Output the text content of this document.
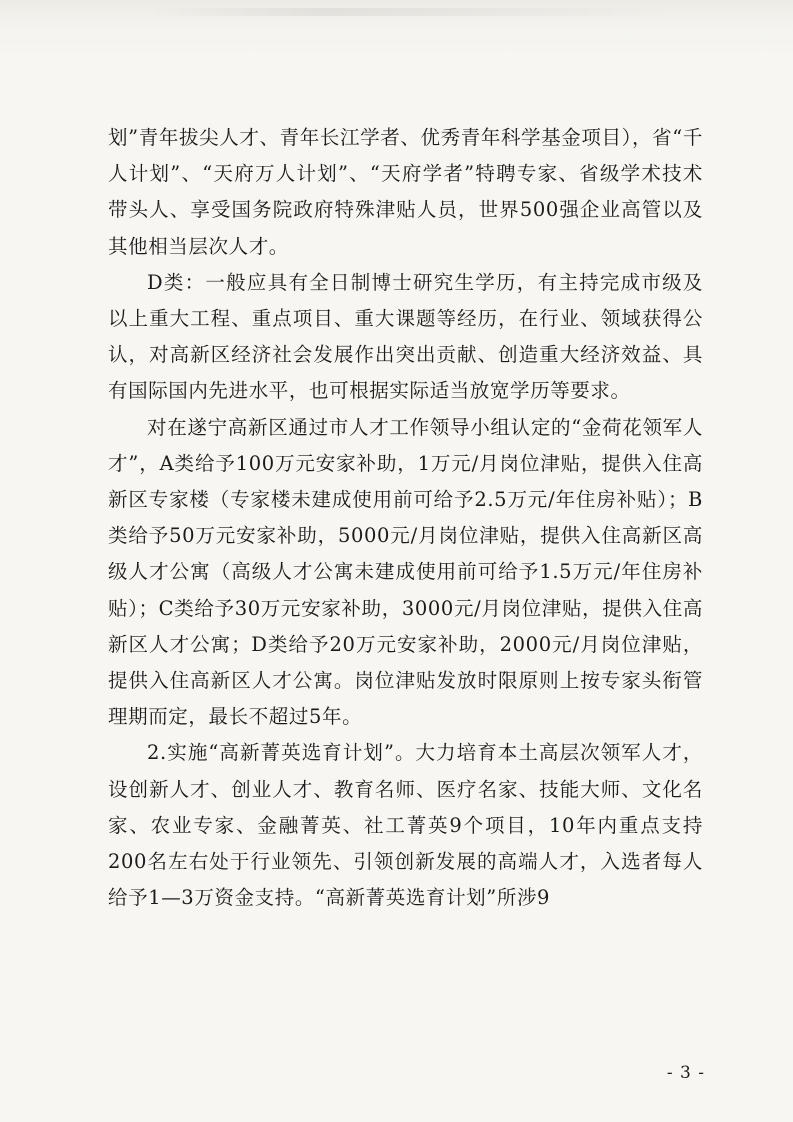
划”青年拔尖人才、青年长江学者、优秀青年科学基金项目），省“千人计划”、“天府万人计划”、“天府学者”特聘专家、省级学术技术带头人、享受国务院政府特殊津贴人员，世界500强企业高管以及其他相当层次人才。

D类：一般应具有全日制博士研究生学历，有主持完成市级及以上重大工程、重点项目、重大课题等经历，在行业、领域获得公认，对高新区经济社会发展作出突出贡献、创造重大经济效益、具有国际国内先进水平，也可根据实际适当放宽学历等要求。

对在遂宁高新区通过市人才工作领导小组认定的“金荷花领军人才”，A类给予100万元安家补助，1万元/月岗位津贴，提供入住高新区专家楼（专家楼未建成使用前可给予2.5万元/年住房补贴）；B类给予50万元安家补助，5000元/月岗位津贴，提供入住高新区高级人才公寓（高级人才公寓未建成使用前可给予1.5万元/年住房补贴）；C类给予30万元安家补助，3000元/月岗位津贴，提供入住高新区人才公寓；D类给予20万元安家补助，2000元/月岗位津贴，提供入住高新区人才公寓。岗位津贴发放时限原则上按专家头衔管理期而定，最长不超过5年。

2.实施“高新菁英选育计划”。大力培育本土高层次领军人才，设创新人才、创业人才、教育名师、医疗名家、技能大师、文化名家、农业专家、金融菁英、社工菁英9个项目，10年内重点支持200名左右处于行业领先、引领创新发展的高端人才，入选者每人给予1—3万资金支持。“高新菁英选育计划”所涉9

- 3 -
